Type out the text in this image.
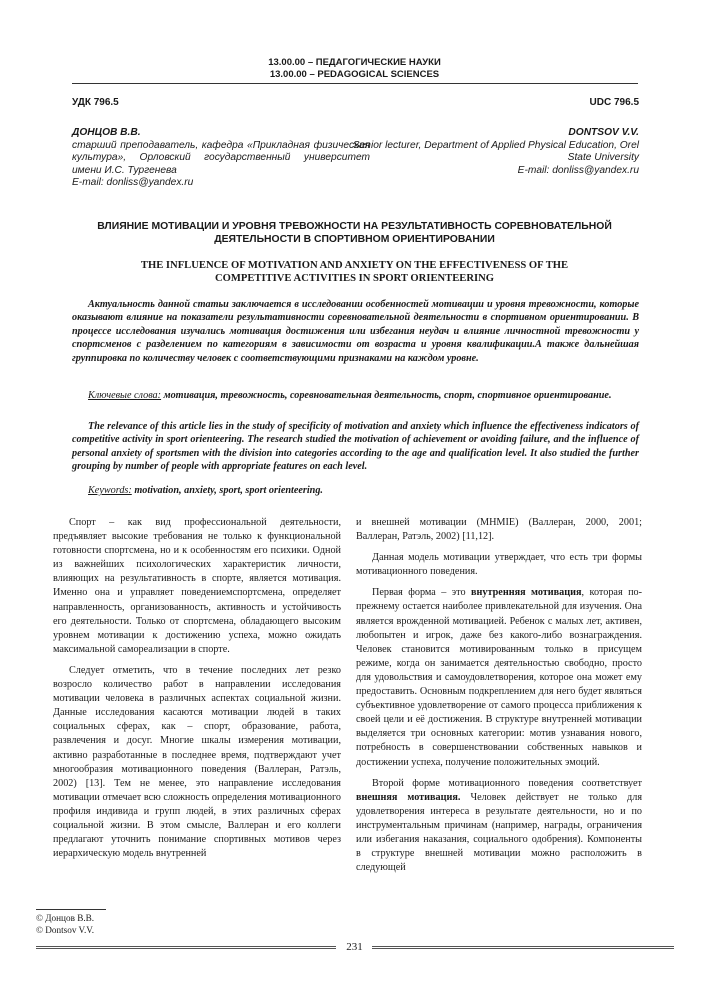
13.00.00 – ПЕДАГОГИЧЕСКИЕ НАУКИ
13.00.00 – PEDAGOGICAL SCIENCES
УДК 796.5	UDC 796.5
ДОНЦОВ В.В.
старший преподаватель, кафедра «Прикладная физическая культура», Орловский государственный университет имени И.С. Тургенева
E-mail: donliss@yandex.ru
DONTSOV V.V.
Senior lecturer, Department of Applied Physical Education, Orel State University
E-mail: donliss@yandex.ru
ВЛИЯНИЕ МОТИВАЦИИ И УРОВНЯ ТРЕВОЖНОСТИ НА РЕЗУЛЬТАТИВНОСТЬ СОРЕВНОВАТЕЛЬНОЙ ДЕЯТЕЛЬНОСТИ В СПОРТИВНОМ ОРИЕНТИРОВАНИИ
THE INFLUENCE OF MOTIVATION AND ANXIETY ON THE EFFECTIVENESS OF THE COMPETITIVE ACTIVITIES IN SPORT ORIENTEERING

Актуальность данной статьи заключается в исследовании особенностей мотивации и уровня тревожности, которые оказывают влияние на показатели результативности соревновательной деятельности в спортивном ориентировании. В процессе исследования изучались мотивация достижения или избегания неудач и влияние личностной тревожности у спортсменов с разделением по категориям в зависимости от возраста и уровня квалификации.А также дальнейшая группировка по количеству человек с соответствующими признаками на каждом уровне.

Ключевые слова: мотивация, тревожность, соревновательная деятельность, спорт, спортивное ориентирование.

The relevance of this article lies in the study of specificity of motivation and anxiety which influence the effectiveness indicators of competitive activity in sport orienteering. The research studied the motivation of achievement or avoiding failure, and the influence of personal anxiety of sportsmen with the division into categories according to the age and qualification level. It also studied the further grouping by number of people with appropriate features on each level.

Keywords: motivation, anxiety, sport, sport orienteering.

Спорт – как вид профессиональной деятельности, предъявляет высокие требования не только к функциональной готовности спортсмена, но и к особенностям его психики. Одной из важнейших психологических характеристик личности, влияющих на результативность в спорте, является мотивация. Именно она и управляет поведениемспортсмена, определяет направленность, организованность, активность и устойчивость его деятельности. Только от спортсмена, обладающего высоким уровнем мотивации к достижению успеха, можно ожидать максимальной самореализации в спорте.

Следует отметить, что в течение последних лет резко возросло количество работ в направлении исследования мотивации человека в различных аспектах социальной жизни. Данные исследования касаются мотивации людей в таких социальных сферах, как – спорт, образование, работа, развлечения и досуг. Многие шкалы измерения мотивации, активно разработанные в последнее время, подтверждают учет многообразия мотивационного поведения (Валлеран, Ратэль, 2002) [13]. Тем не менее, это направление исследования мотивации отмечает всю сложность определения мотивационного профиля индивида и групп людей, в этих различных сферах социальной жизни. В этом смысле, Валлеран и его коллеги предлагают уточнить понимание спортивных мотивов через иерархическую модель внутренней

и внешней мотивации (МНМIE) (Валлеран, 2000, 2001; Валлеран, Ратэль, 2002) [11,12].

Данная модель мотивации утверждает, что есть три формы мотивационного поведения.

Первая форма – это внутренняя мотивация, которая по-прежнему остается наиболее привлекательной для изучения. Она является врожденной мотивацией. Ребенок с малых лет, активен, любопытен и игрок, даже без какого-либо вознаграждения. Человек становится мотивированным только в присущем режиме, когда он занимается деятельностью свободно, просто для удовольствия и самоудовлетворения, которое она может ему предоставить. Основным подкреплением для него будет являться субъективное удовлетворение от самого процесса приближения к своей цели и её достижения. В структуре внутренней мотивации выделяется три основных категории: мотив узнавания нового, потребность в совершенствовании собственных навыков и достижении успеха, получение положительных эмоций.

Второй форме мотивационного поведения соответствует внешняя мотивация. Человек действует не только для удовлетворения интереса в результате деятельности, но и по инструментальным причинам (например, награды, ограничения или избегания наказания, социального одобрения). Компоненты в структуре внешней мотивации можно расположить в следующей

© Донцов В.В.
© Dontsov V.V.
231
